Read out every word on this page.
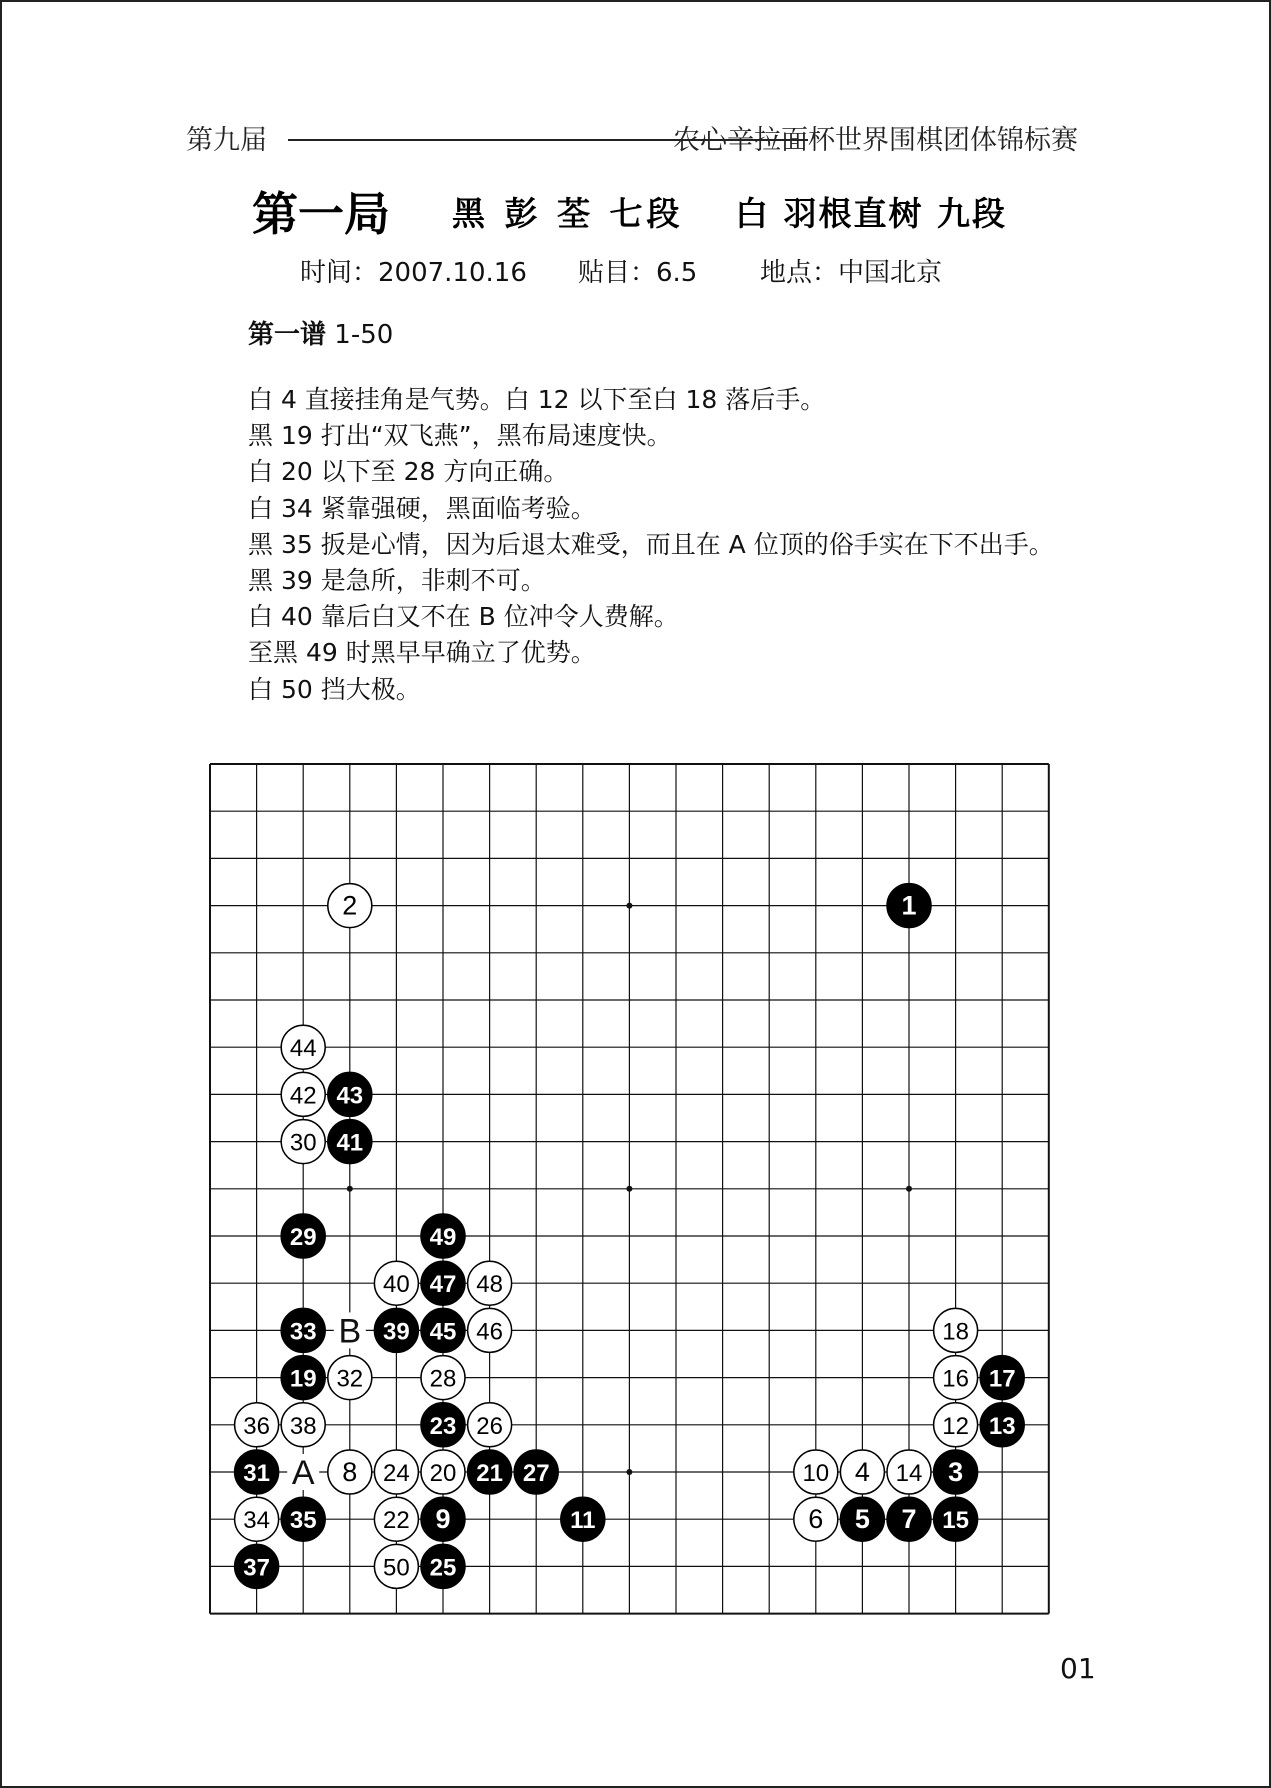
第九届	农心辛拉面杯世界围棋团体锦标赛
第一局 黑 彭 荃 七段 白 羽根直树 九段
时间：2007.10.16 贴目：6.5 地点：中国北京
第一谱 1-50

白 4 直接挂角是气势。白 12 以下至白 18 落后手。

黑 19 打出“双飞燕”，黑布局速度快。

白 20 以下至 28 方向正确。

白 34 紧靠强硬，黑面临考验。

黑 35 扳是心情，因为后退太难受，而且在 A 位顶的俗手实在下不出手。

黑 39 是急所，非刺不可。

白 40 靠后白又不在 B 位冲令人费解。

至黑 49 时黑早早确立了优势。

白 50 挡大极。

A
B
1
2
3
4
5
6	7
8
9
10
11
12 13
14
15
16 17
18
19
20 21
22
23
24
25
26
27
28
29
30
31
32
33
34 35
36
37
38
39
40
41
42 43
44
45 46
47 48
49
50
01
